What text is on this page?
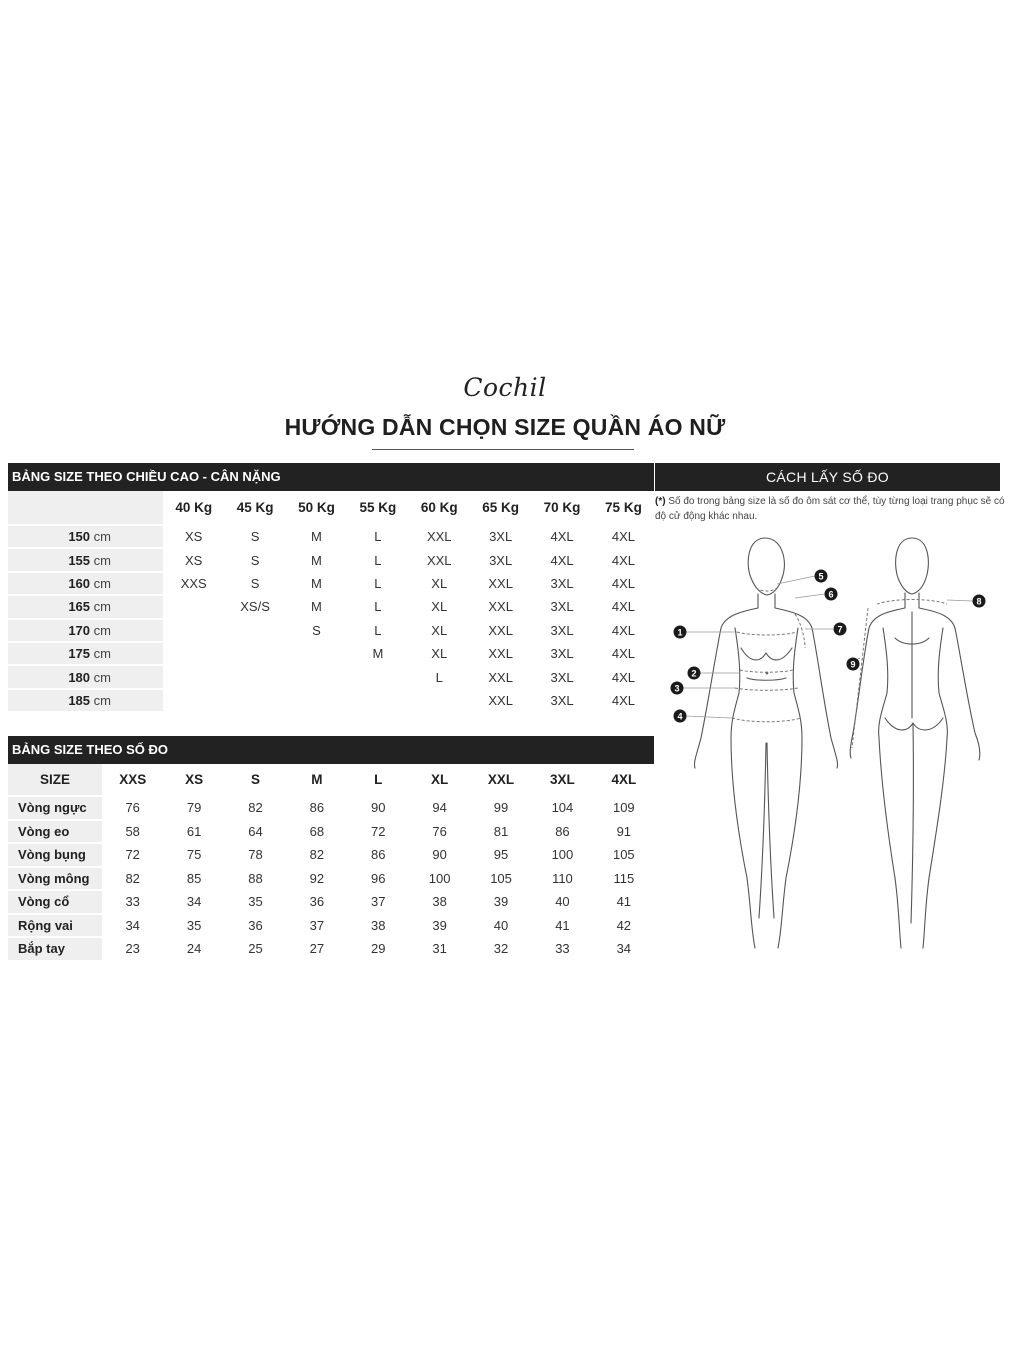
Cochil
HƯỚNG DẪN CHỌN SIZE QUẦN ÁO NỮ
BẢNG SIZE THEO CHIỀU CAO - CÂN NẶNG	CÁCH LẤY SỐ ĐO
	40 Kg	45 Kg	50 Kg	55 Kg	60 Kg	65 Kg	70 Kg	75 Kg
150 cm	XS	S	M	L	XXL	3XL	4XL	4XL
155 cm	XS	S	M	L	XXL	3XL	4XL	4XL
160 cm	XXS	S	M	L	XL	XXL	3XL	4XL
165 cm		XS/S	M	L	XL	XXL	3XL	4XL
170 cm			S	L	XL	XXL	3XL	4XL
175 cm				M	XL	XXL	3XL	4XL
180 cm					L	XXL	3XL	4XL
185 cm						XXL	3XL	4XL
BẢNG SIZE THEO SỐ ĐO
SIZE	XXS	XS	S	M	L	XL	XXL	3XL	4XL
Vòng ngực	76	79	82	86	90	94	99	104	109
Vòng eo	58	61	64	68	72	76	81	86	91
Vòng bụng	72	75	78	82	86	90	95	100	105
Vòng mông	82	85	88	92	96	100	105	110	115
Vòng cổ	33	34	35	36	37	38	39	40	41
Rộng vai	34	35	36	37	38	39	40	41	42
Bắp tay	23	24	25	27	29	31	32	33	34
(*) Số đo trong bảng size là số đo ôm sát cơ thể, tùy từng loại trang phục sẽ có độ cử động khác nhau.
1
2
3
4
5
6
7
8
9
